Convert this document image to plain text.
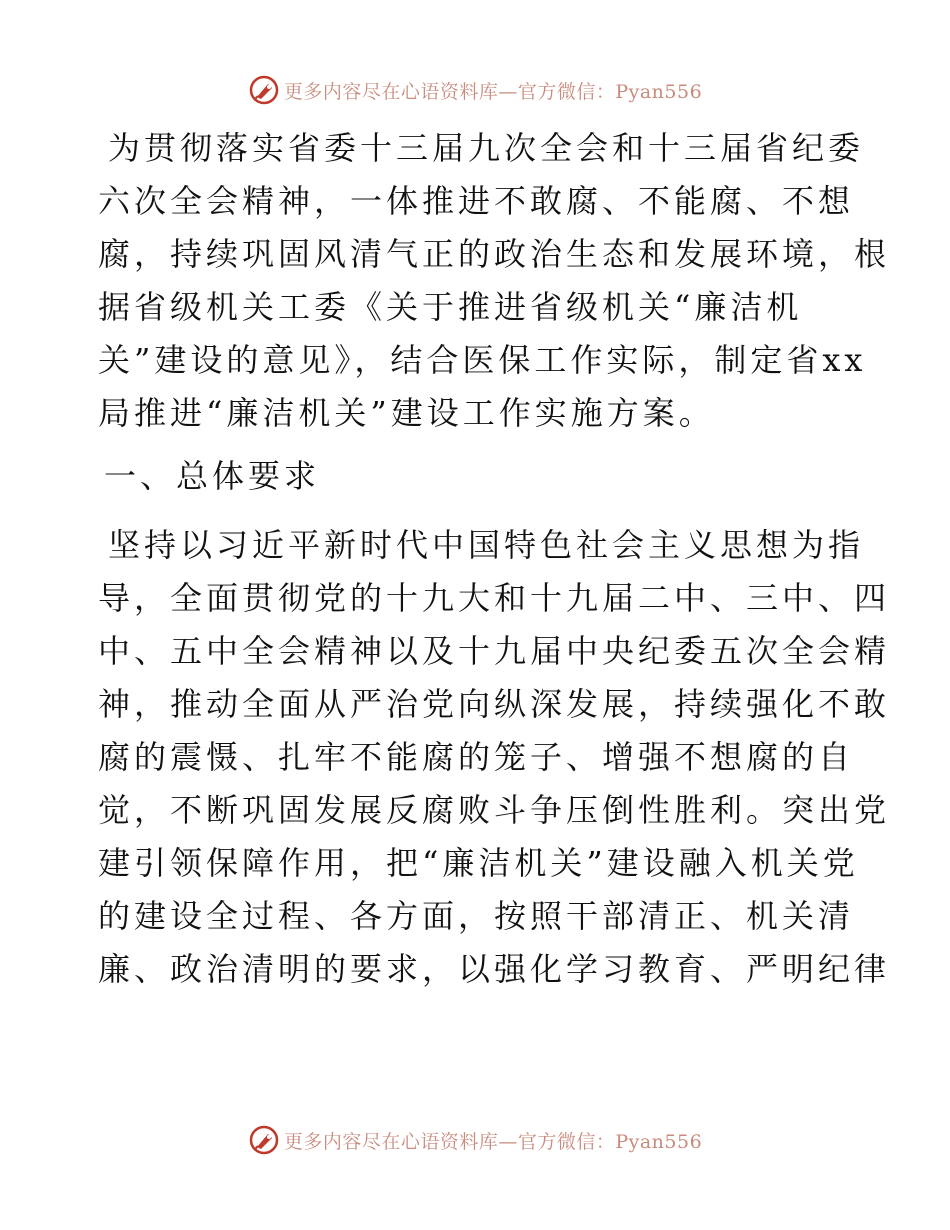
更多内容尽在心语资料库—官方微信：Pyan556
为贯彻落实省委十三届九次全会和十三届省纪委
六次全会精神，一体推进不敢腐、不能腐、不想
腐，持续巩固风清气正的政治生态和发展环境，根
据省级机关工委《关于推进省级机关“廉洁机
关”建设的意见》，结合医保工作实际，制定省xx
局推进“廉洁机关”建设工作实施方案。
一、总体要求
坚持以习近平新时代中国特色社会主义思想为指
导，全面贯彻党的十九大和十九届二中、三中、四
中、五中全会精神以及十九届中央纪委五次全会精
神，推动全面从严治党向纵深发展，持续强化不敢
腐的震慑、扎牢不能腐的笼子、增强不想腐的自
觉，不断巩固发展反腐败斗争压倒性胜利。突出党
建引领保障作用，把“廉洁机关”建设融入机关党
的建设全过程、各方面，按照干部清正、机关清
廉、政治清明的要求，以强化学习教育、严明纪律
更多内容尽在心语资料库—官方微信：Pyan556
